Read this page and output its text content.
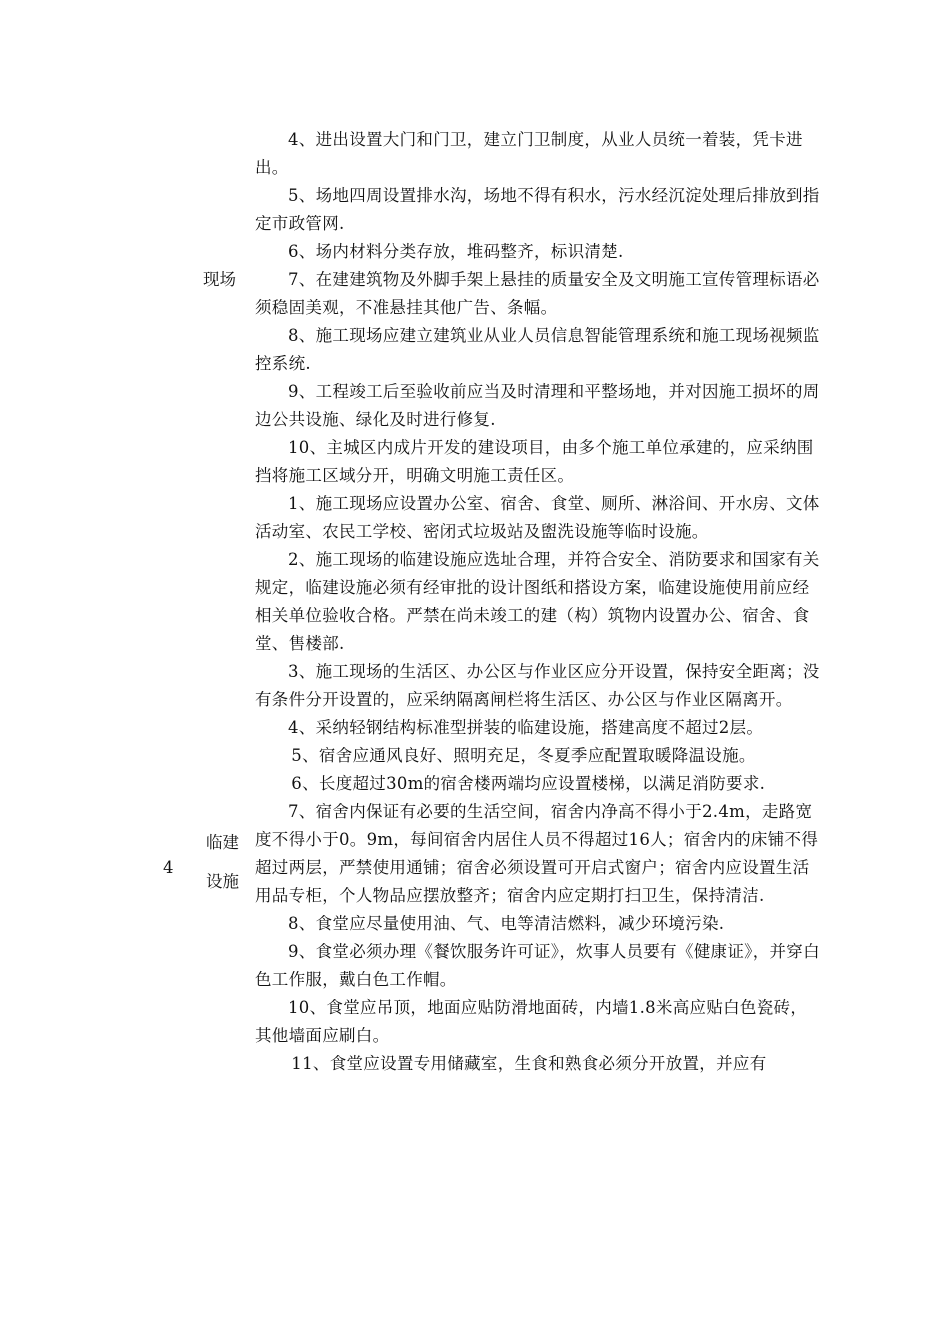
现场
4
临建
设施

4、进出设置大门和门卫，建立门卫制度，从业人员统一着装，凭卡进出。

5、场地四周设置排水沟，场地不得有积水，污水经沉淀处理后排放到指定市政管网.

6、场内材料分类存放，堆码整齐，标识清楚.

7、在建建筑物及外脚手架上悬挂的质量安全及文明施工宣传管理标语必须稳固美观，不准悬挂其他广告、条幅。

8、施工现场应建立建筑业从业人员信息智能管理系统和施工现场视频监控系统.

9、工程竣工后至验收前应当及时清理和平整场地，并对因施工损坏的周边公共设施、绿化及时进行修复.

10、主城区内成片开发的建设项目，由多个施工单位承建的，应采纳围挡将施工区域分开，明确文明施工责任区。

1、施工现场应设置办公室、宿舍、食堂、厕所、淋浴间、开水房、文体活动室、农民工学校、密闭式垃圾站及盥洗设施等临时设施。

2、施工现场的临建设施应选址合理，并符合安全、消防要求和国家有关规定，临建设施必须有经审批的设计图纸和搭设方案，临建设施使用前应经相关单位验收合格。严禁在尚未竣工的建（构）筑物内设置办公、宿舍、食堂、售楼部.

3、施工现场的生活区、办公区与作业区应分开设置，保持安全距离；没有条件分开设置的，应采纳隔离闸栏将生活区、办公区与作业区隔离开。

4、采纳轻钢结构标准型拼装的临建设施，搭建高度不超过2层。

5、宿舍应通风良好、照明充足，冬夏季应配置取暖降温设施。

6、长度超过30m的宿舍楼两端均应设置楼梯，以满足消防要求.

7、宿舍内保证有必要的生活空间，宿舍内净高不得小于2.4m，走路宽度不得小于0。9m，每间宿舍内居住人员不得超过16人；宿舍内的床铺不得超过两层，严禁使用通铺；宿舍必须设置可开启式窗户；宿舍内应设置生活用品专柜，个人物品应摆放整齐；宿舍内应定期打扫卫生，保持清洁.

8、食堂应尽量使用油、气、电等清洁燃料，减少环境污染.

9、食堂必须办理《餐饮服务许可证》，炊事人员要有《健康证》，并穿白色工作服，戴白色工作帽。

10、食堂应吊顶，地面应贴防滑地面砖，内墙1.8米高应贴白色瓷砖，其他墙面应刷白。

11、食堂应设置专用储藏室，生食和熟食必须分开放置，并应有
